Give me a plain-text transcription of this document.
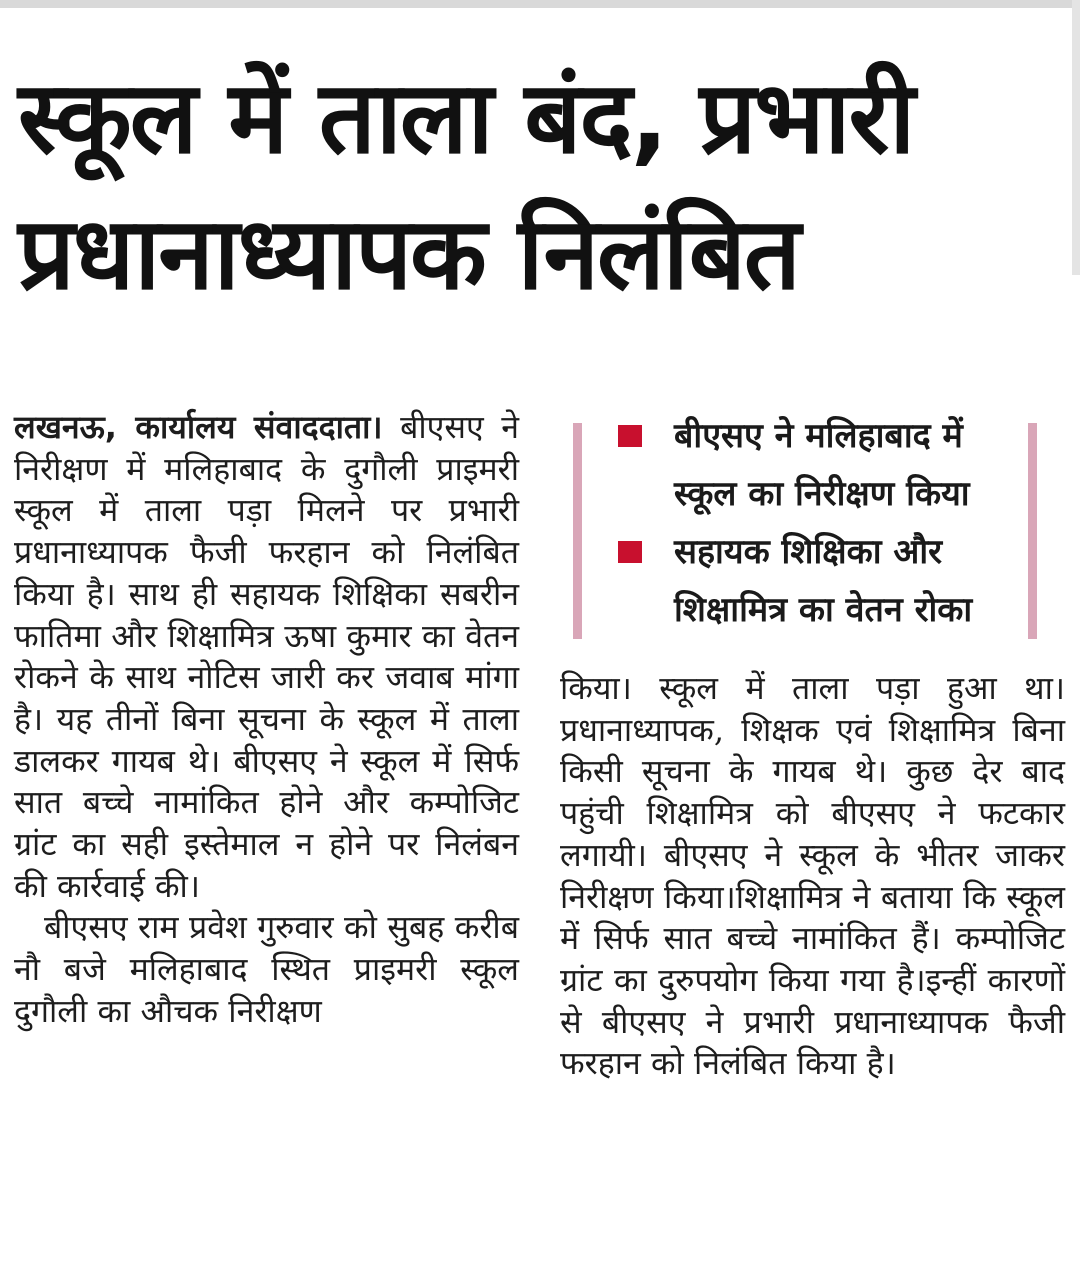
स्कूल में ताला बंद, प्रभारी प्रधानाध्यापक निलंबित

लखनऊ, कार्यालय संवाददाता। बीएसए ने निरीक्षण में मलिहाबाद के दुगौली प्राइमरी स्कूल में ताला पड़ा मिलने पर प्रभारी प्रधानाध्यापक फैजी फरहान को निलंबित किया है। साथ ही सहायक शिक्षिका सबरीन फातिमा और शिक्षामित्र ऊषा कुमार का वेतन रोकने के साथ नोटिस जारी कर जवाब मांगा है। यह तीनों बिना सूचना के स्कूल में ताला डालकर गायब थे। बीएसए ने स्कूल में सिर्फ सात बच्चे नामांकित होने और कम्पोजिट ग्रांट का सही इस्तेमाल न होने पर निलंबन की कार्रवाई की।

बीएसए राम प्रवेश गुरुवार को सुबह करीब नौ बजे मलिहाबाद स्थित प्राइमरी स्कूल दुगौली का औचक निरीक्षण

बीएसए ने मलिहाबाद में स्कूल का निरीक्षण किया
सहायक शिक्षिका और शिक्षामित्र का वेतन रोका

किया। स्कूल में ताला पड़ा हुआ था। प्रधानाध्यापक, शिक्षक एवं शिक्षामित्र बिना किसी सूचना के गायब थे। कुछ देर बाद पहुंची शिक्षामित्र को बीएसए ने फटकार लगायी। बीएसए ने स्कूल के भीतर जाकर निरीक्षण किया।शिक्षामित्र ने बताया कि स्कूल में सिर्फ सात बच्चे नामांकित हैं। कम्पोजिट ग्रांट का दुरुपयोग किया गया है।इन्हीं कारणों से बीएसए ने प्रभारी प्रधानाध्यापक फैजी फरहान को निलंबित किया है।
